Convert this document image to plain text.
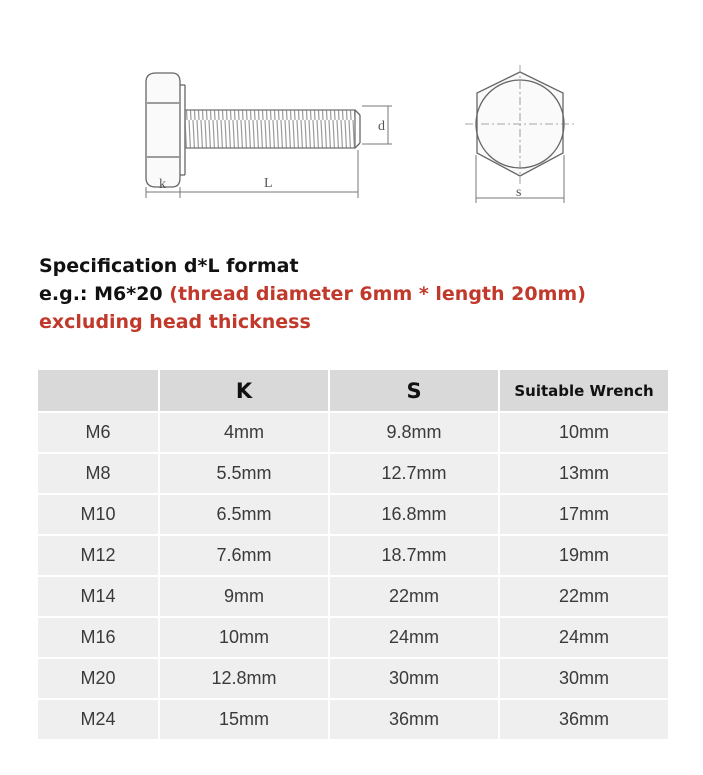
d
k	L
s
Specification d*L format
e.g.: M6*20 (thread diameter 6mm * length 20mm)
excluding head thickness
	K	S	Suitable Wrench
M6	4mm	9.8mm	10mm
M8	5.5mm	12.7mm	13mm
M10	6.5mm	16.8mm	17mm
M12	7.6mm	18.7mm	19mm
M14	9mm	22mm	22mm
M16	10mm	24mm	24mm
M20	12.8mm	30mm	30mm
M24	15mm	36mm	36mm
